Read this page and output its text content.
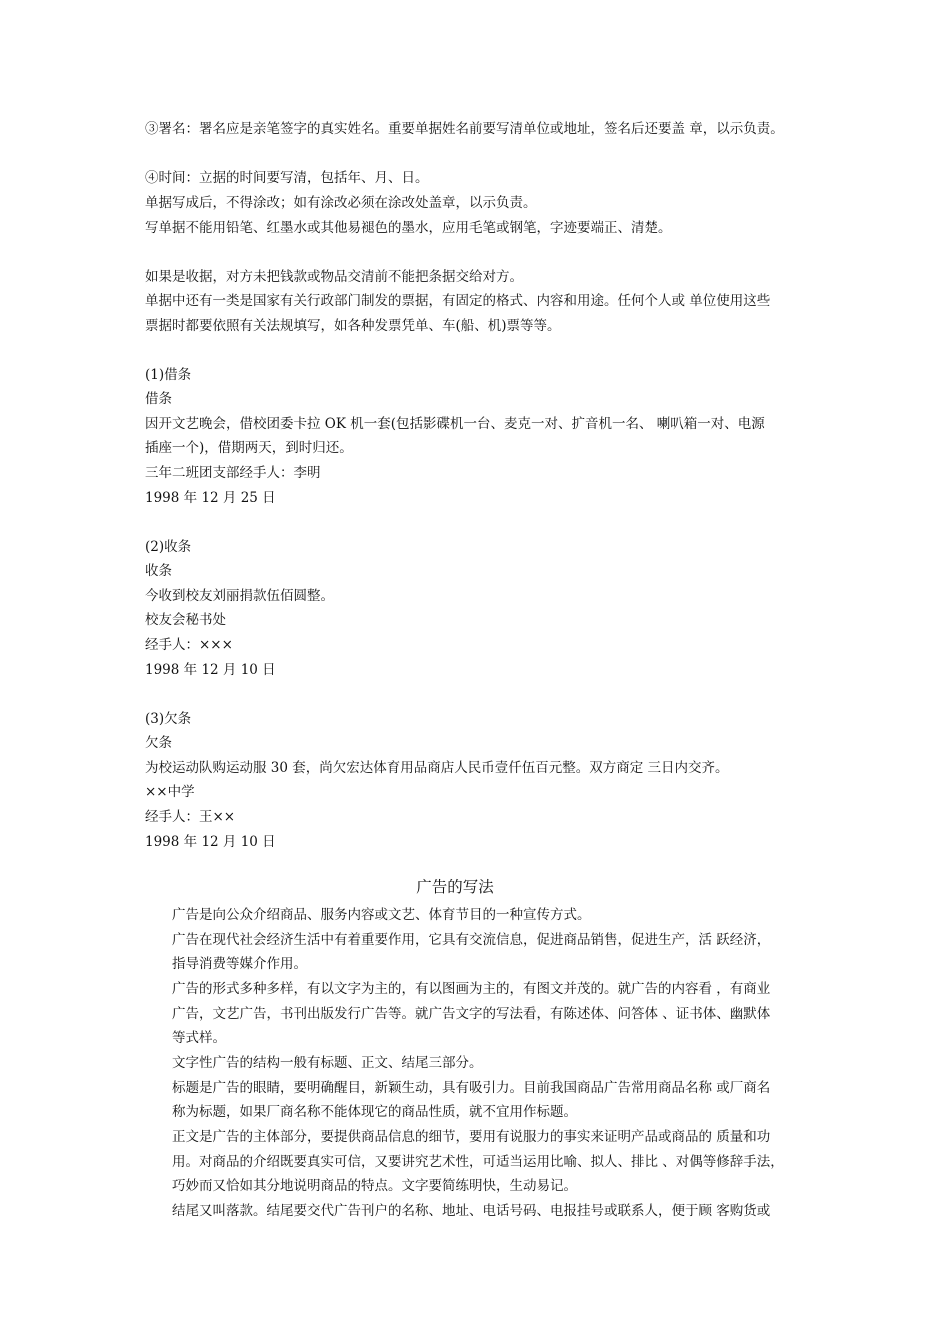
③署名：署名应是亲笔签字的真实姓名。重要单据姓名前要写清单位或地址，签名后还要盖 章，以示负责。
④时间：立据的时间要写清，包括年、月、日。
单据写成后，不得涂改；如有涂改必须在涂改处盖章，以示负责。
写单据不能用铅笔、红墨水或其他易褪色的墨水，应用毛笔或钢笔，字迹要端正、清楚。
如果是收据，对方未把钱款或物品交清前不能把条据交给对方。
单据中还有一类是国家有关行政部门制发的票据，有固定的格式、内容和用途。任何个人或 单位使用这些
票据时都要依照有关法规填写，如各种发票凭单、车(船、机)票等等。
(1)借条
借条
因开文艺晚会，借校团委卡拉 OK 机一套(包括影碟机一台、麦克一对、扩音机一名、 喇叭箱一对、电源
插座一个)，借期两天，到时归还。
三年二班团支部经手人：李明
1998 年 12 月 25 日
(2)收条
收条
今收到校友刘丽捐款伍佰圆整。
校友会秘书处
经手人：×××
1998 年 12 月 10 日
(3)欠条
欠条
为校运动队购运动服 30 套，尚欠宏达体育用品商店人民币壹仟伍百元整。双方商定 三日内交齐。
××中学
经手人：王××
1998 年 12 月 10 日
广告的写法
广告是向公众介绍商品、服务内容或文艺、体育节目的一种宣传方式。
广告在现代社会经济生活中有着重要作用，它具有交流信息，促进商品销售，促进生产，活 跃经济，
指导消费等媒介作用。
广告的形式多种多样，有以文字为主的，有以图画为主的，有图文并茂的。就广告的内容看 ，有商业
广告，文艺广告，书刊出版发行广告等。就广告文字的写法看，有陈述体、问答体 、证书体、幽默体
等式样。
文字性广告的结构一般有标题、正文、结尾三部分。
标题是广告的眼睛，要明确醒目，新颖生动，具有吸引力。目前我国商品广告常用商品名称 或厂商名
称为标题，如果厂商名称不能体现它的商品性质，就不宜用作标题。
正文是广告的主体部分，要提供商品信息的细节，要用有说服力的事实来证明产品或商品的 质量和功
用。对商品的介绍既要真实可信，又要讲究艺术性，可适当运用比喻、拟人、排比 、对偶等修辞手法，
巧妙而又恰如其分地说明商品的特点。文字要简练明快，生动易记。
结尾又叫落款。结尾要交代广告刊户的名称、地址、电话号码、电报挂号或联系人，便于顾 客购货或
